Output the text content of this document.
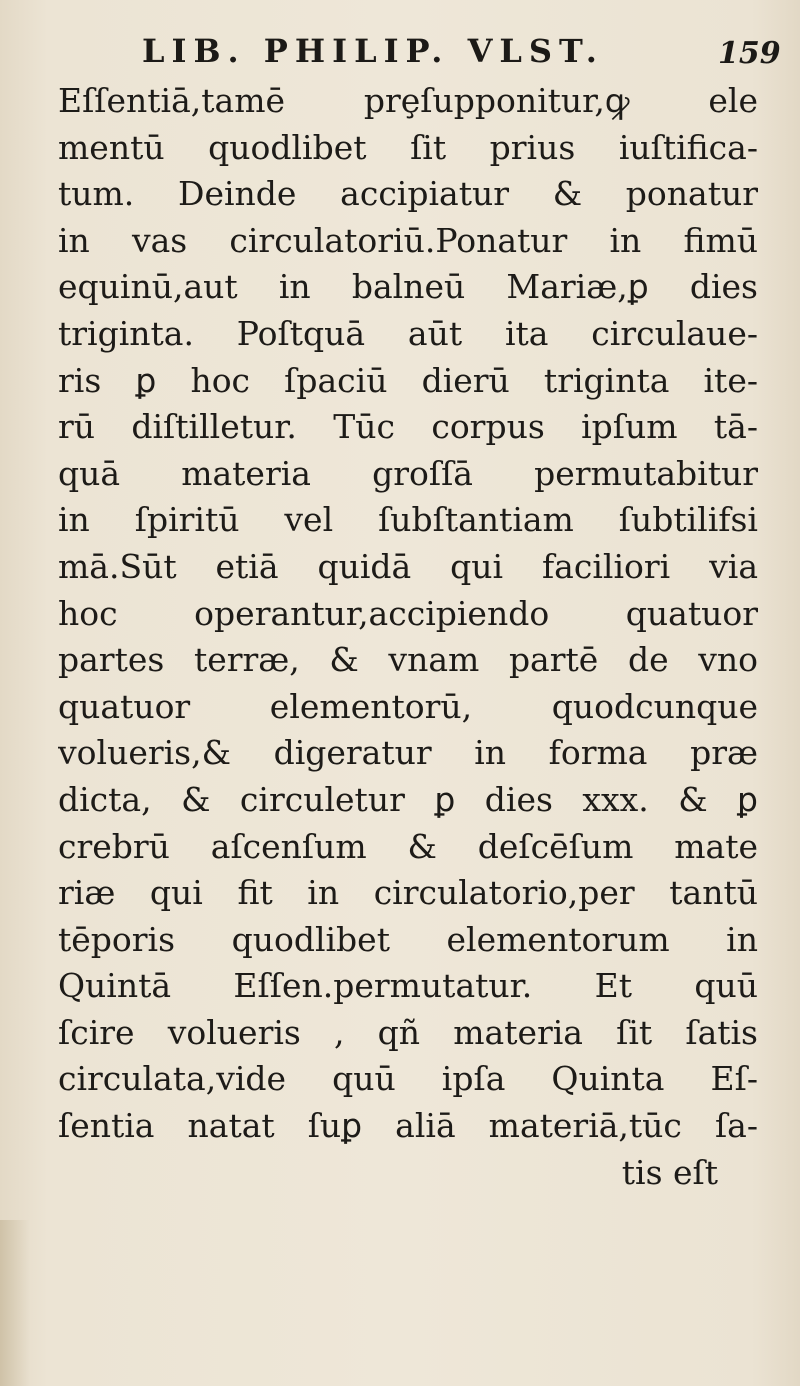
LIB. PHILIP. VLST.	159
Eſſentiā,tamē prȩſupponitur,ꝙ ele
mentū quodlibet ſit prius iuſtifica-
tum. Deinde accipiatur & ponatur
in vas circulatoriū.Ponatur in fimū
equinū,aut in balneū Mariæ,ꝑ dies
triginta. Poſtquā aūt ita circulaue-
ris ꝑ hoc ſpaciū dierū triginta ite-
rū diſtilletur. Tūc corpus ipſum tā-
quā materia groſſā permutabitur
in ſpiritū vel ſubſtantiam ſubtilifsi
mā.Sūt etiā quidā qui faciliori via
hoc operantur,accipiendo quatuor
partes terræ, & vnam partē de vno
quatuor elementorū, quodcunque
volueris,& digeratur in forma præ
dicta, & circuletur ꝑ dies xxx. & ꝑ
crebrū aſcenſum & deſcēſum mate
riæ qui fit in circulatorio,per tantū
tēporis quodlibet elementorum in
Quintā Eſſen.permutatur. Et quū
ſcire volueris , qñ materia ſit ſatis
circulata,vide quū ipſa Quinta Eſ-
ſentia natat ſuꝑ aliā materiā,tūc ſa-
tis eſt
